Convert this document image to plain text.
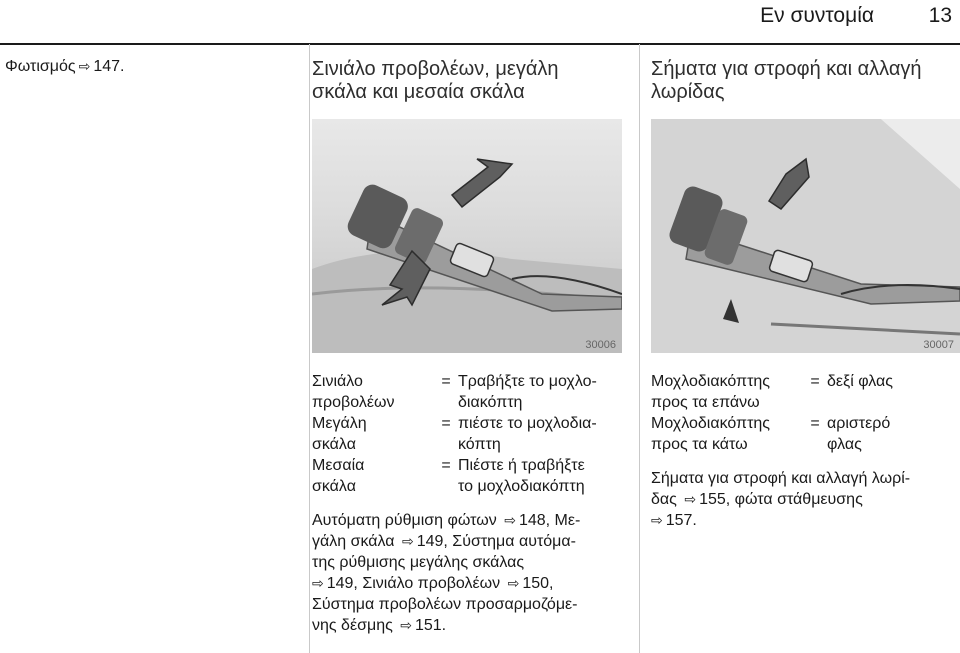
Εν συντομία	13
Φωτισμός ⇨ 147.	Σινιάλο προβολέων, μεγάλη
σκάλα και μεσαία σκάλα
30006
Σινιάλο
προβολέων
= Τραβήξτε το μοχλο-
διακόπτη
Μεγάλη
σκάλα
= πιέστε το μοχλοδια-
κόπτη
Μεσαία
σκάλα
= Πιέστε ή τραβήξτε
το μοχλοδιακόπτη
Αυτόματη ρύθμιση φώτων ⇨ 148, Με-
γάλη σκάλα ⇨ 149, Σύστημα αυτόμα-
της ρύθμισης μεγάλης σκάλας
⇨ 149, Σινιάλο προβολέων ⇨ 150,
Σύστημα προβολέων προσαρμοζόμε-
νης δέσμης ⇨ 151.
Σήματα για στροφή και αλλαγή
λωρίδας
30007
Μοχλοδιακόπτης
προς τα επάνω
= δεξί φλας
Μοχλοδιακόπτης
προς τα κάτω
= αριστερό
φλας
Σήματα για στροφή και αλλαγή λωρί-
δας ⇨ 155, φώτα στάθμευσης
⇨ 157.
